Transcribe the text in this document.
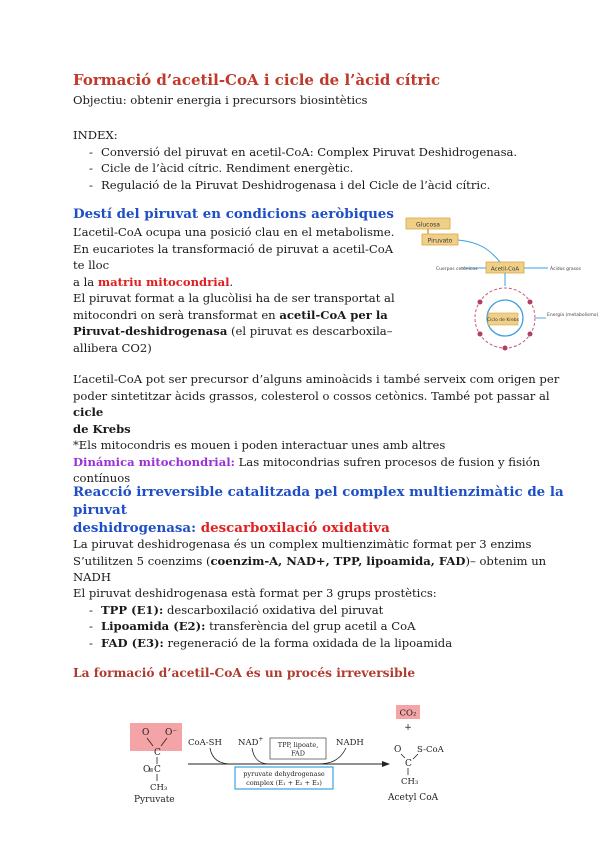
Formació d’acetil-CoA i cicle de l’àcid cítric
Objectiu: obtenir energia i precursors biosintètics
INDEX:
- Conversió del piruvat en acetil-CoA: Complex Piruvat Deshidrogenasa.
- Cicle de l’àcid cítric. Rendiment energètic.
- Regulació de la Piruvat Deshidrogenasa i del Cicle de l’àcid cítric.
Destí del piruvat en condicions aeròbiques

L’acetil-CoA ocupa una posició clau en el metabolisme.

En eucariotes la transformació de piruvat a acetil-CoA te lloc

a la matriu mitocondrial.

El piruvat format a la glucòlisi ha de ser transportat al

mitocondri on serà transformat en acetil-CoA per la

Piruvat-deshidrogenasa (el piruvat es descarboxila–

allibera CO2)

Glucosa
Piruvato
Acetil-CoA
Cuerpos cetónicos	Ácidos grasos
Ciclo de Krebs
Energía (metabolismo)

L’acetil-CoA pot ser precursor d’alguns aminoàcids i també serveix com origen per

poder sintetitzar àcids grassos, colesterol o cossos cetònics. També pot passar al cicle

de Krebs

*Els mitocondris es mouen i poden interactuar unes amb altres

Dinámica mitochondrial: Las mitocondrias sufren procesos de fusion y fisión

contínuos

Reacció irreversible catalitzada pel complex multienzimàtic de la piruvat
deshidrogenasa: descarboxilació oxidativa

La piruvat deshidrogenasa és un complex multienzimàtic format per 3 enzims

S’utilitzen 5 coenzims (coenzim-A, NAD+, TPP, lipoamida, FAD)– obtenim un NADH

El piruvat deshidrogenasa està format per 3 grups prostètics:

- TPP (E1): descarboxilació oxidativa del piruvat
- Lipoamida (E2): transferència del grup acetil a CoA
- FAD (E3): regeneració de la forma oxidada de la lipoamida
La formació d’acetil-CoA és un procés irreversible
O O⁻
C
O C
CH₃
Pyruvate
CoA-SH NAD+	NADH
TPP, lipoate,
FAD
pyruvate dehydrogenase
complex (E₁ + E₂ + E₃)
CO₂
+
O
C
S-CoA
CH₃
Acetyl CoA
